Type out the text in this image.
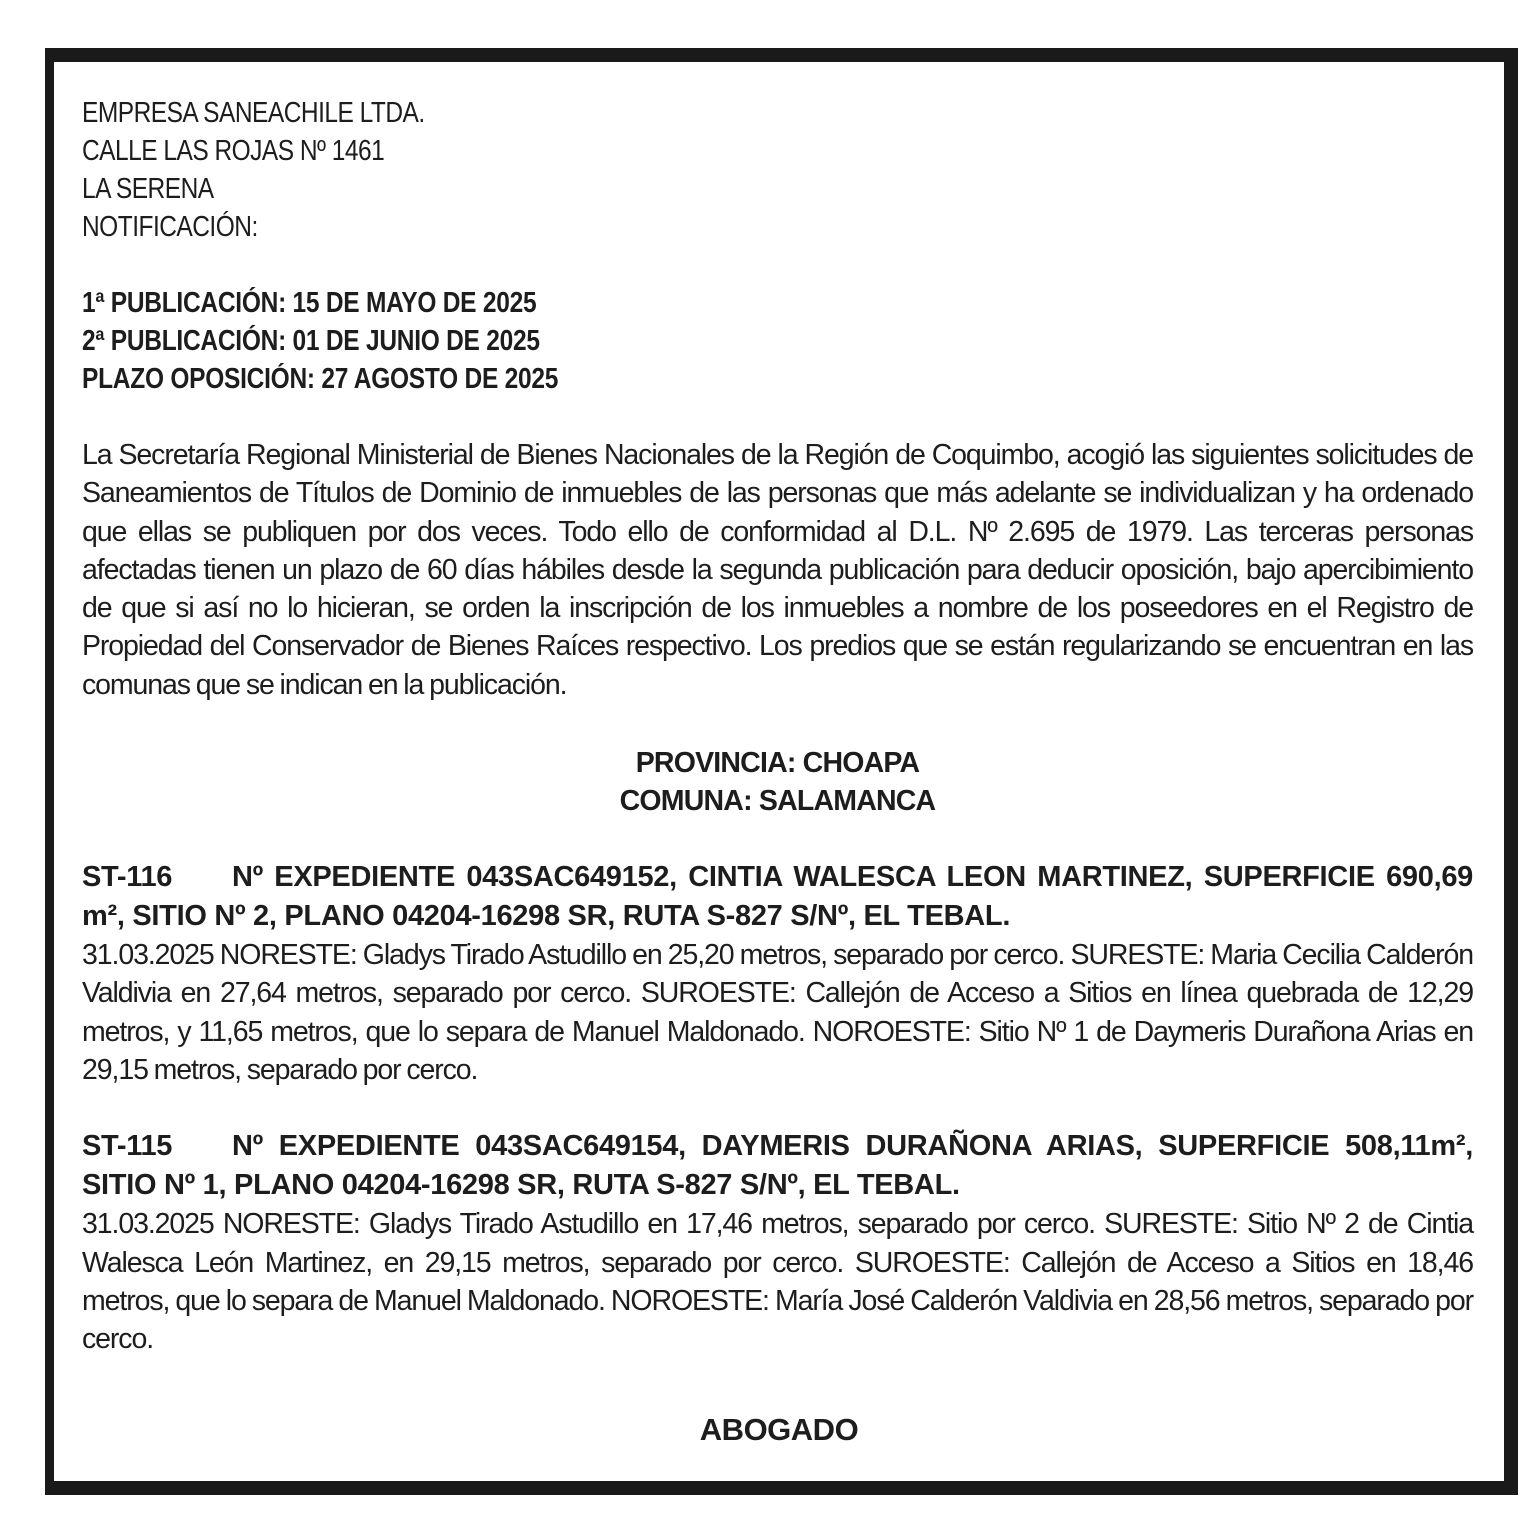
EMPRESA SANEACHILE LTDA.
CALLE LAS ROJAS Nº 1461
LA SERENA
NOTIFICACIÓN:
1ª PUBLICACIÓN: 15 DE MAYO DE 2025
2ª PUBLICACIÓN: 01 DE JUNIO DE 2025
PLAZO OPOSICIÓN: 27 AGOSTO DE 2025

La Secretaría Regional Ministerial de Bienes Nacionales de la Región de Coquimbo, acogió las siguientes solicitudes de Saneamientos de Títulos de Dominio de inmuebles de las personas que más adelante se individualizan y ha ordenado que ellas se publiquen por dos veces. Todo ello de conformidad al D.L. Nº 2.695 de 1979. Las terceras personas afectadas tienen un plazo de 60 días hábiles desde la segunda publicación para deducir oposición, bajo apercibimiento de que si así no lo hicieran, se orden la inscripción de los inmuebles a nombre de los poseedores en el Registro de Propiedad del Conservador de Bienes Raíces respectivo. Los predios que se están regularizando se encuentran en las comunas que se indican en la publicación.

PROVINCIA: CHOAPA
COMUNA: SALAMANCA
ST-116 Nº EXPEDIENTE 043SAC649152, CINTIA WALESCA LEON MARTINEZ, SUPERFICIE 690,69 m², SITIO Nº 2, PLANO 04204-16298 SR, RUTA S-827 S/Nº, EL TEBAL.
31.03.2025 NORESTE: Gladys Tirado Astudillo en 25,20 metros, separado por cerco. SURESTE: Maria Cecilia Calderón Valdivia en 27,64 metros, separado por cerco. SUROESTE: Callejón de Acceso a Sitios en línea quebrada de 12,29 metros, y 11,65 metros, que lo separa de Manuel Maldonado. NOROESTE: Sitio Nº 1 de Daymeris Durañona Arias en 29,15 metros, separado por cerco.
ST-115 Nº EXPEDIENTE 043SAC649154, DAYMERIS DURAÑONA ARIAS, SUPERFICIE 508,11m², SITIO Nº 1, PLANO 04204-16298 SR, RUTA S-827 S/Nº, EL TEBAL.
31.03.2025 NORESTE: Gladys Tirado Astudillo en 17,46 metros, separado por cerco. SURESTE: Sitio Nº 2 de Cintia Walesca León Martinez, en 29,15 metros, separado por cerco. SUROESTE: Callejón de Acceso a Sitios en 18,46 metros, que lo separa de Manuel Maldonado. NOROESTE: María José Calderón Valdivia en 28,56 metros, separado por cerco.
ABOGADO
